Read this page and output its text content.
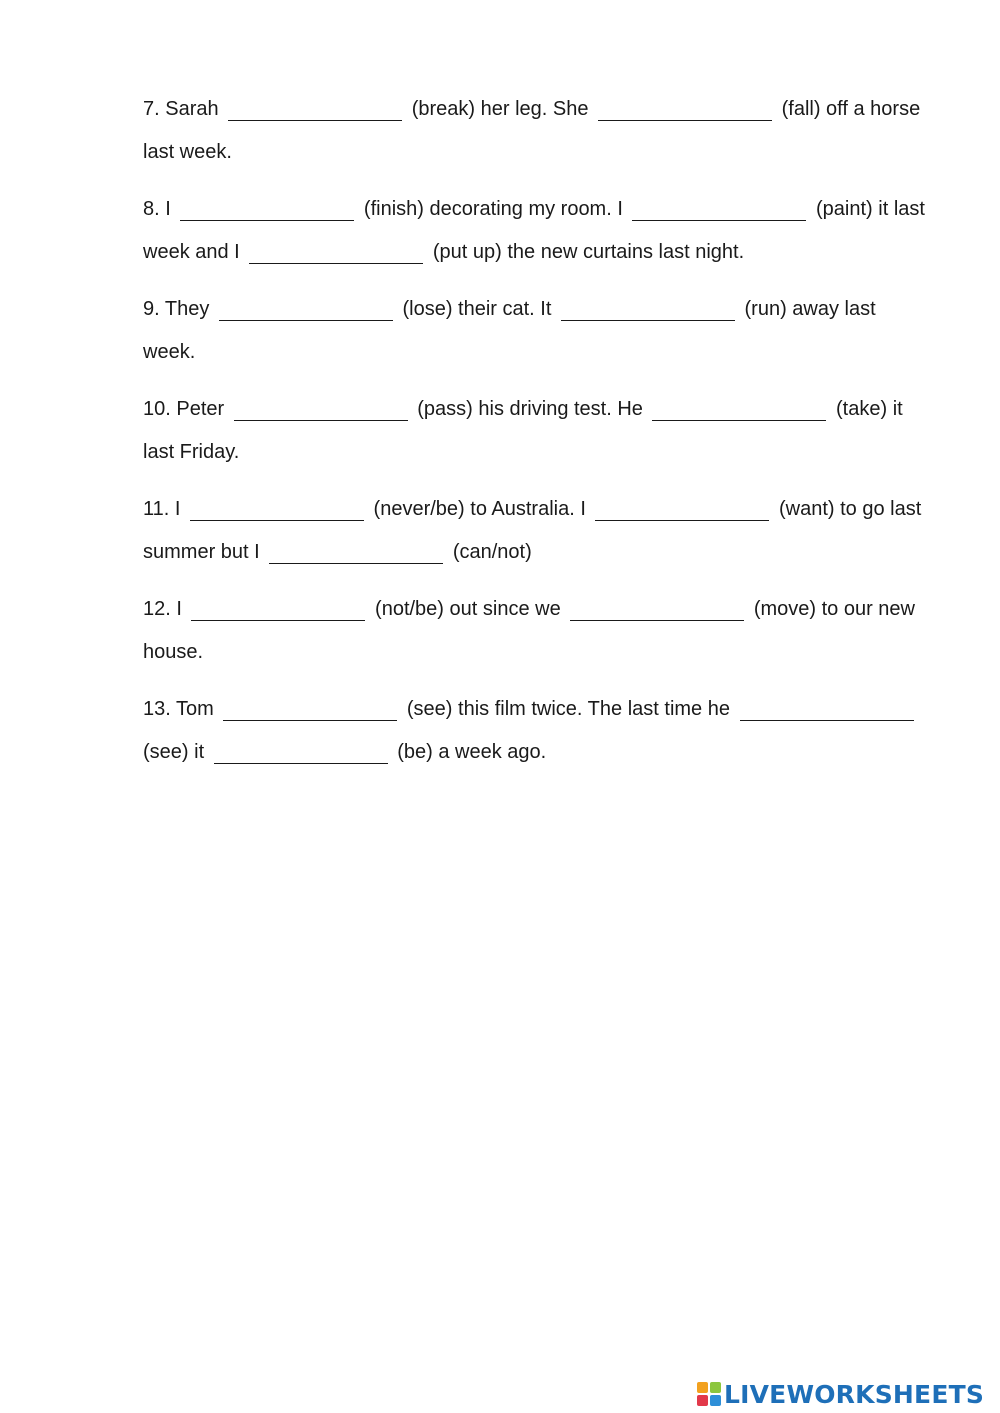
7. Sarah	(break) her leg. She	(fall) off a horse last week.
8. I	(finish) decorating my room. I	(paint) it last week and I	(put up) the new curtains last night.
9. They	(lose) their cat. It	(run) away last week.
10. Peter	(pass) his driving test. He	(take) it last Friday.
11. I	(never/be) to Australia. I	(want) to go last summer but I	(can/not)
12. I	(not/be) out since we	(move) to our new house.
13. Tom	(see) this film twice. The last time he  (see) it	(be) a week ago.
LIVEWORKSHEETS
